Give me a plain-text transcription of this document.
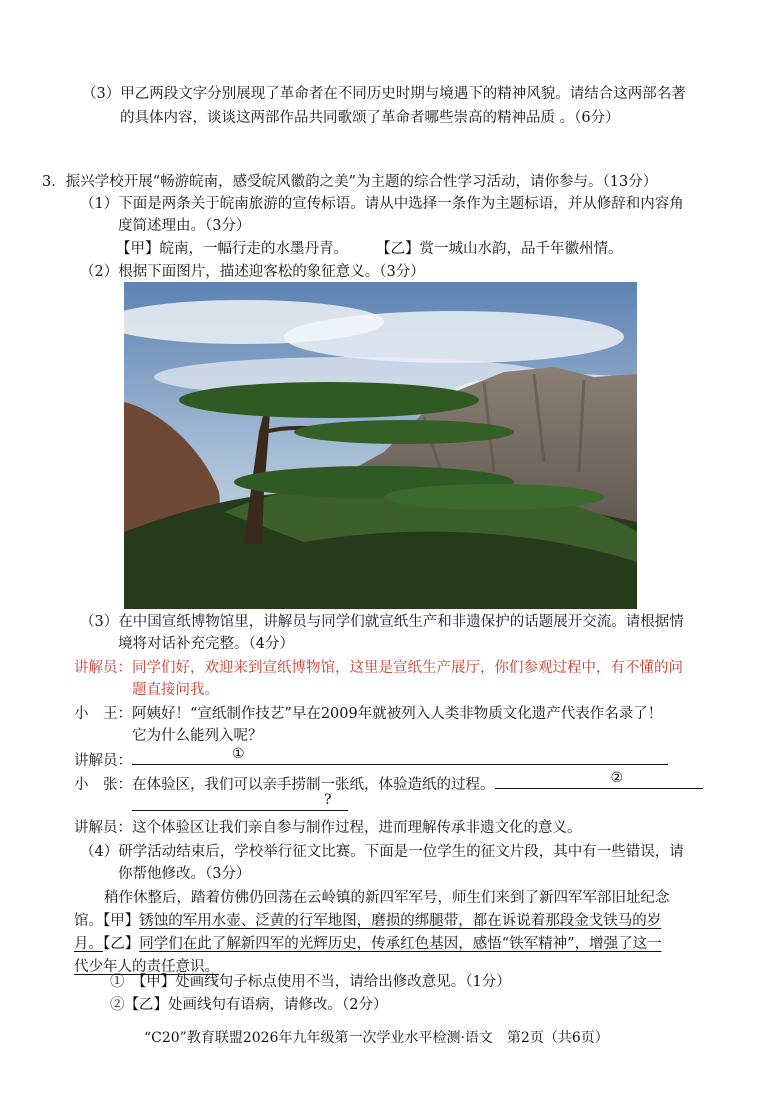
（3）甲乙两段文字分别展现了革命者在不同历史时期与境遇下的精神风貌。请结合这两部名著
的具体内容，谈谈这两部作品共同歌颂了革命者哪些崇高的精神品质 。（6分）
3．振兴学校开展“畅游皖南，感受皖风徽韵之美”为主题的综合性学习活动，请你参与。（13分）
（1）下面是两条关于皖南旅游的宣传标语。请从中选择一条作为主题标语，并从修辞和内容角
度简述理由。（3分）
【甲】皖南，一幅行走的水墨丹青。 【乙】赏一城山水韵，品千年徽州情。
（2）根据下面图片，描述迎客松的象征意义。（3分）
（3）在中国宣纸博物馆里，讲解员与同学们就宣纸生产和非遗保护的话题展开交流。请根据情
境将对话补充完整。（4分）
讲解员：同学们好，欢迎来到宣纸博物馆，这里是宣纸生产展厅，你们参观过程中，有不懂的问
题直接问我。
小　王：阿姨好！“宣纸制作技艺”早在2009年就被列入人类非物质文化遗产代表作名录了！
它为什么能列入呢？
讲解员：	①
小　张：在体验区，我们可以亲手捞制一张纸，体验造纸的过程。	②
?
讲解员：这个体验区让我们亲自参与制作过程，进而理解传承非遗文化的意义。
（4）研学活动结束后，学校举行征文比赛。下面是一位学生的征文片段，其中有一些错误，请
你帮他修改。（3分）
稍作休整后，踏着仿佛仍回荡在云岭镇的新四军军号，师生们来到了新四军军部旧址纪念
馆。【甲】锈蚀的军用水壶、泛黄的行军地图，磨损的绑腿带，都在诉说着那段金戈铁马的岁
月。【乙】同学们在此了解新四军的光辉历史，传承红色基因，感悟“铁军精神”，增强了这一
代少年人的责任意识。
①　【甲】处画线句子标点使用不当，请给出修改意见。（1分）
②【乙】处画线句有语病，请修改。（2分）
“C20”教育联盟2026年九年级第一次学业水平检测·语文　第2页（共6页）
